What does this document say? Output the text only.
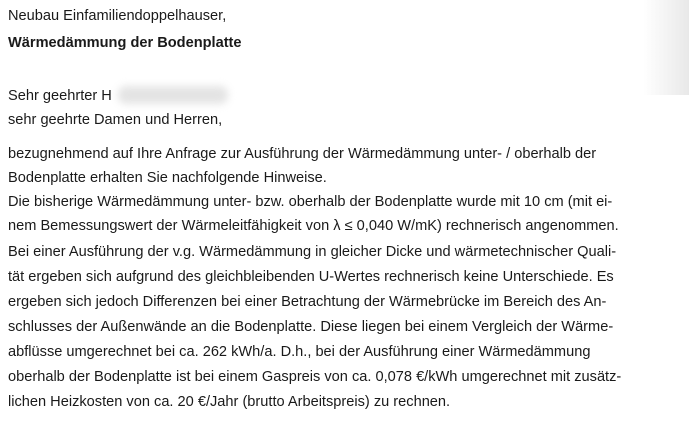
Neubau Einfamiliendoppelhauser,
Wärmedämmung der Bodenplatte
Sehr geehrter H
sehr geehrte Damen und Herren,
bezugnehmend auf Ihre Anfrage zur Ausführung der Wärmedämmung unter- / oberhalb der
Bodenplatte erhalten Sie nachfolgende Hinweise.
Die bisherige Wärmedämmung unter- bzw. oberhalb der Bodenplatte wurde mit 10 cm (mit ei-
nem Bemessungswert der Wärmeleitfähigkeit von λ ≤ 0,040 W/mK) rechnerisch angenommen.
Bei einer Ausführung der v.g. Wärmedämmung in gleicher Dicke und wärmetechnischer Quali-
tät ergeben sich aufgrund des gleichbleibenden U-Wertes rechnerisch keine Unterschiede. Es
ergeben sich jedoch Differenzen bei einer Betrachtung der Wärmebrücke im Bereich des An-
schlusses der Außenwände an die Bodenplatte. Diese liegen bei einem Vergleich der Wärme-
abflüsse umgerechnet bei ca. 262 kWh/a. D.h., bei der Ausführung einer Wärmedämmung
oberhalb der Bodenplatte ist bei einem Gaspreis von ca. 0,078 €/kWh umgerechnet mit zusätz-
lichen Heizkosten von ca. 20 €/Jahr (brutto Arbeitspreis) zu rechnen.
